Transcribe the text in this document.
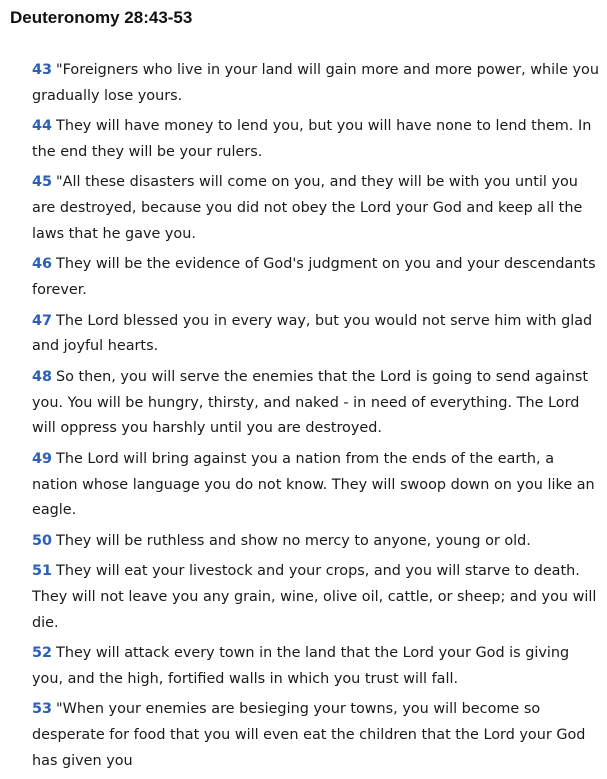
Deuteronomy 28:43-53

43 "Foreigners who live in your land will gain more and more power, while you gradually lose yours.

44 They will have money to lend you, but you will have none to lend them. In the end they will be your rulers.

45 "All these disasters will come on you, and they will be with you until you are destroyed, because you did not obey the Lord your God and keep all the laws that he gave you.

46 They will be the evidence of God's judgment on you and your descendants forever.

47 The Lord blessed you in every way, but you would not serve him with glad and joyful hearts.

48 So then, you will serve the enemies that the Lord is going to send against you. You will be hungry, thirsty, and naked - in need of everything. The Lord will oppress you harshly until you are destroyed.

49 The Lord will bring against you a nation from the ends of the earth, a nation whose language you do not know. They will swoop down on you like an eagle.

50 They will be ruthless and show no mercy to anyone, young or old.

51 They will eat your livestock and your crops, and you will starve to death. They will not leave you any grain, wine, olive oil, cattle, or sheep; and you will die.

52 They will attack every town in the land that the Lord your God is giving you, and the high, fortified walls in which you trust will fall.

53 "When your enemies are besieging your towns, you will become so desperate for food that you will even eat the children that the Lord your God has given you
